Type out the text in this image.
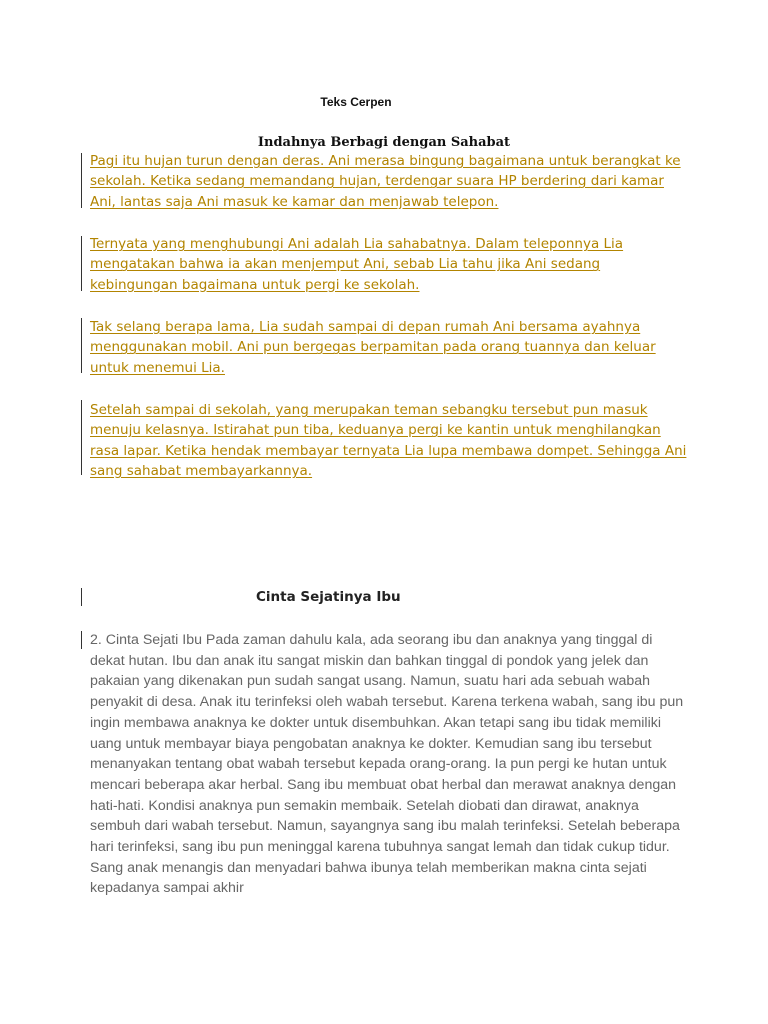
Teks Cerpen
Indahnya Berbagi dengan Sahabat

Pagi itu hujan turun dengan deras. Ani merasa bingung bagaimana untuk berangkat ke sekolah. Ketika sedang memandang hujan, terdengar suara HP berdering dari kamar Ani, lantas saja Ani masuk ke kamar dan menjawab telepon.

Ternyata yang menghubungi Ani adalah Lia sahabatnya. Dalam teleponnya Lia mengatakan bahwa ia akan menjemput Ani, sebab Lia tahu jika Ani sedang kebingungan bagaimana untuk pergi ke sekolah.

Tak selang berapa lama, Lia sudah sampai di depan rumah Ani bersama ayahnya menggunakan mobil. Ani pun bergegas berpamitan pada orang tuannya dan keluar untuk menemui Lia.

Setelah sampai di sekolah, yang merupakan teman sebangku tersebut pun masuk menuju kelasnya. Istirahat pun tiba, keduanya pergi ke kantin untuk menghilangkan rasa lapar. Ketika hendak membayar ternyata Lia lupa membawa dompet. Sehingga Ani sang sahabat membayarkannya.

Cinta Sejatinya Ibu

2. Cinta Sejati Ibu Pada zaman dahulu kala, ada seorang ibu dan anaknya yang tinggal di dekat hutan. Ibu dan anak itu sangat miskin dan bahkan tinggal di pondok yang jelek dan pakaian yang dikenakan pun sudah sangat usang. Namun, suatu hari ada sebuah wabah penyakit di desa. Anak itu terinfeksi oleh wabah tersebut. Karena terkena wabah, sang ibu pun ingin membawa anaknya ke dokter untuk disembuhkan. Akan tetapi sang ibu tidak memiliki uang untuk membayar biaya pengobatan anaknya ke dokter. Kemudian sang ibu tersebut menanyakan tentang obat wabah tersebut kepada orang-orang. Ia pun pergi ke hutan untuk mencari beberapa akar herbal. Sang ibu membuat obat herbal dan merawat anaknya dengan hati-hati. Kondisi anaknya pun semakin membaik. Setelah diobati dan dirawat, anaknya sembuh dari wabah tersebut. Namun, sayangnya sang ibu malah terinfeksi. Setelah beberapa hari terinfeksi, sang ibu pun meninggal karena tubuhnya sangat lemah dan tidak cukup tidur. Sang anak menangis dan menyadari bahwa ibunya telah memberikan makna cinta sejati kepadanya sampai akhir
